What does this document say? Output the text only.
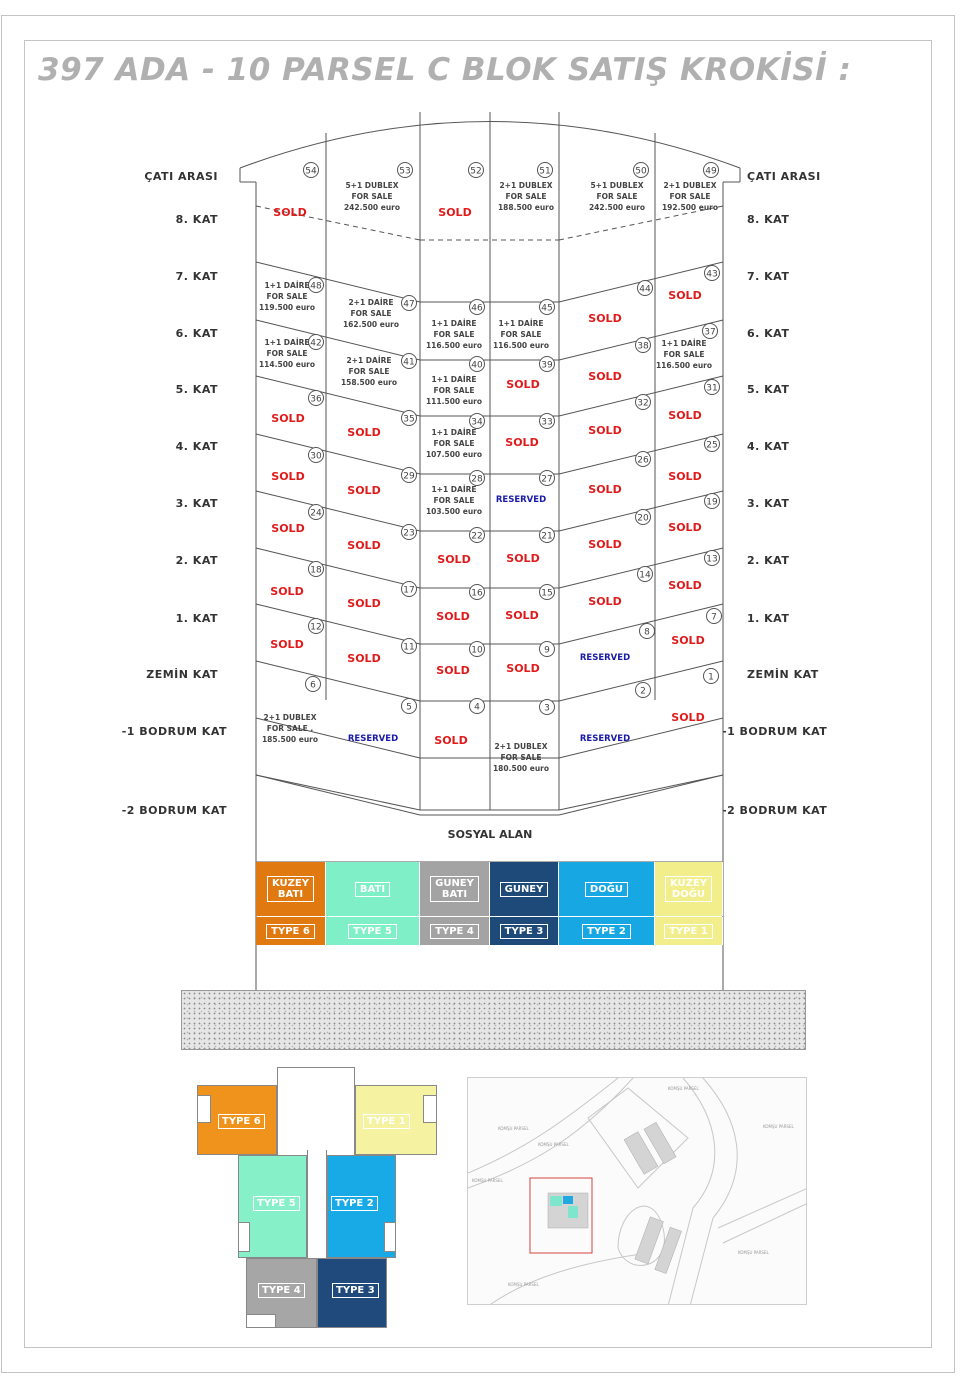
397 ADA - 10 PARSEL C BLOK SATIŞ KROKİSİ :
ÇATI ARASI	ÇATI ARASI
8. KAT	8. KAT
7. KAT	7. KAT
6. KAT	6. KAT
5. KAT	5. KAT
4. KAT	4. KAT
3. KAT	3. KAT
2. KAT	2. KAT
1. KAT	1. KAT
ZEMİN KAT	ZEMİN KAT
-1 BODRUM KAT	-1 BODRUM KAT
-2 BODRUM KAT	-2 BODRUM KAT
54
SOLD
53
5+1 DUBLEX
FOR SALE
242.500 euro
52
SOLD
51
2+1 DUBLEX
FOR SALE
188.500 euro
50
5+1 DUBLEX
FOR SALE
242.500 euro
49
2+1 DUBLEX
FOR SALE
192.500 euro
48
1+1 DAİRE
FOR SALE
119.500 euro	47
2+1 DAİRE
FOR SALE
162.500 euro
46
1+1 DAİRE
FOR SALE
116.500 euro
45
1+1 DAİRE
FOR SALE
116.500 euro
44
SOLD
43
SOLD
42
1+1 DAİRE
FOR SALE
114.500 euro	41
2+1 DAİRE
FOR SALE
158.500 euro
40
1+1 DAİRE
FOR SALE
111.500 euro
39
SOLD
38
SOLD
37
1+1 DAİRE
FOR SALE
116.500 euro
36
SOLD	35
SOLD
34
1+1 DAİRE
FOR SALE
107.500 euro
33
SOLD
32
SOLD
31
SOLD
30
SOLD	29
SOLD
28
1+1 DAİRE
FOR SALE
103.500 euro
27
RESERVED
26
SOLD
25
SOLD
24
SOLD	23
SOLD
22
SOLD
21
SOLD
20
SOLD
19
SOLD
18
SOLD	17
SOLD
16
SOLD
15
SOLD
14
SOLD
13
SOLD
12
SOLD	11
SOLD
10
SOLD
9
SOLD
8
RESERVED
7
SOLD
6
2+1 DUBLEX
FOR SALE .
185.500 euro
5
RESERVED
4
SOLD
3
2+1 DUBLEX
FOR SALE
180.500 euro
2
RESERVED
1
SOLD
SOSYAL ALAN
KUZEY
BATI
TYPE 6
BATI
TYPE 5
GUNEY
BATI
TYPE 4
GUNEY
TYPE 3
DOĞU
TYPE 2
KUZEY
DOĞU
TYPE 1
TYPE 6	TYPE 1
TYPE 5	TYPE 2
TYPE 4	TYPE 3
KOMŞU PARSEL
KOMŞU PARSEL
KOMŞU PARSEL
KOMŞU PARSEL
KOMŞU PARSEL
KOMŞU PARSEL
KOMŞU PARSEL
